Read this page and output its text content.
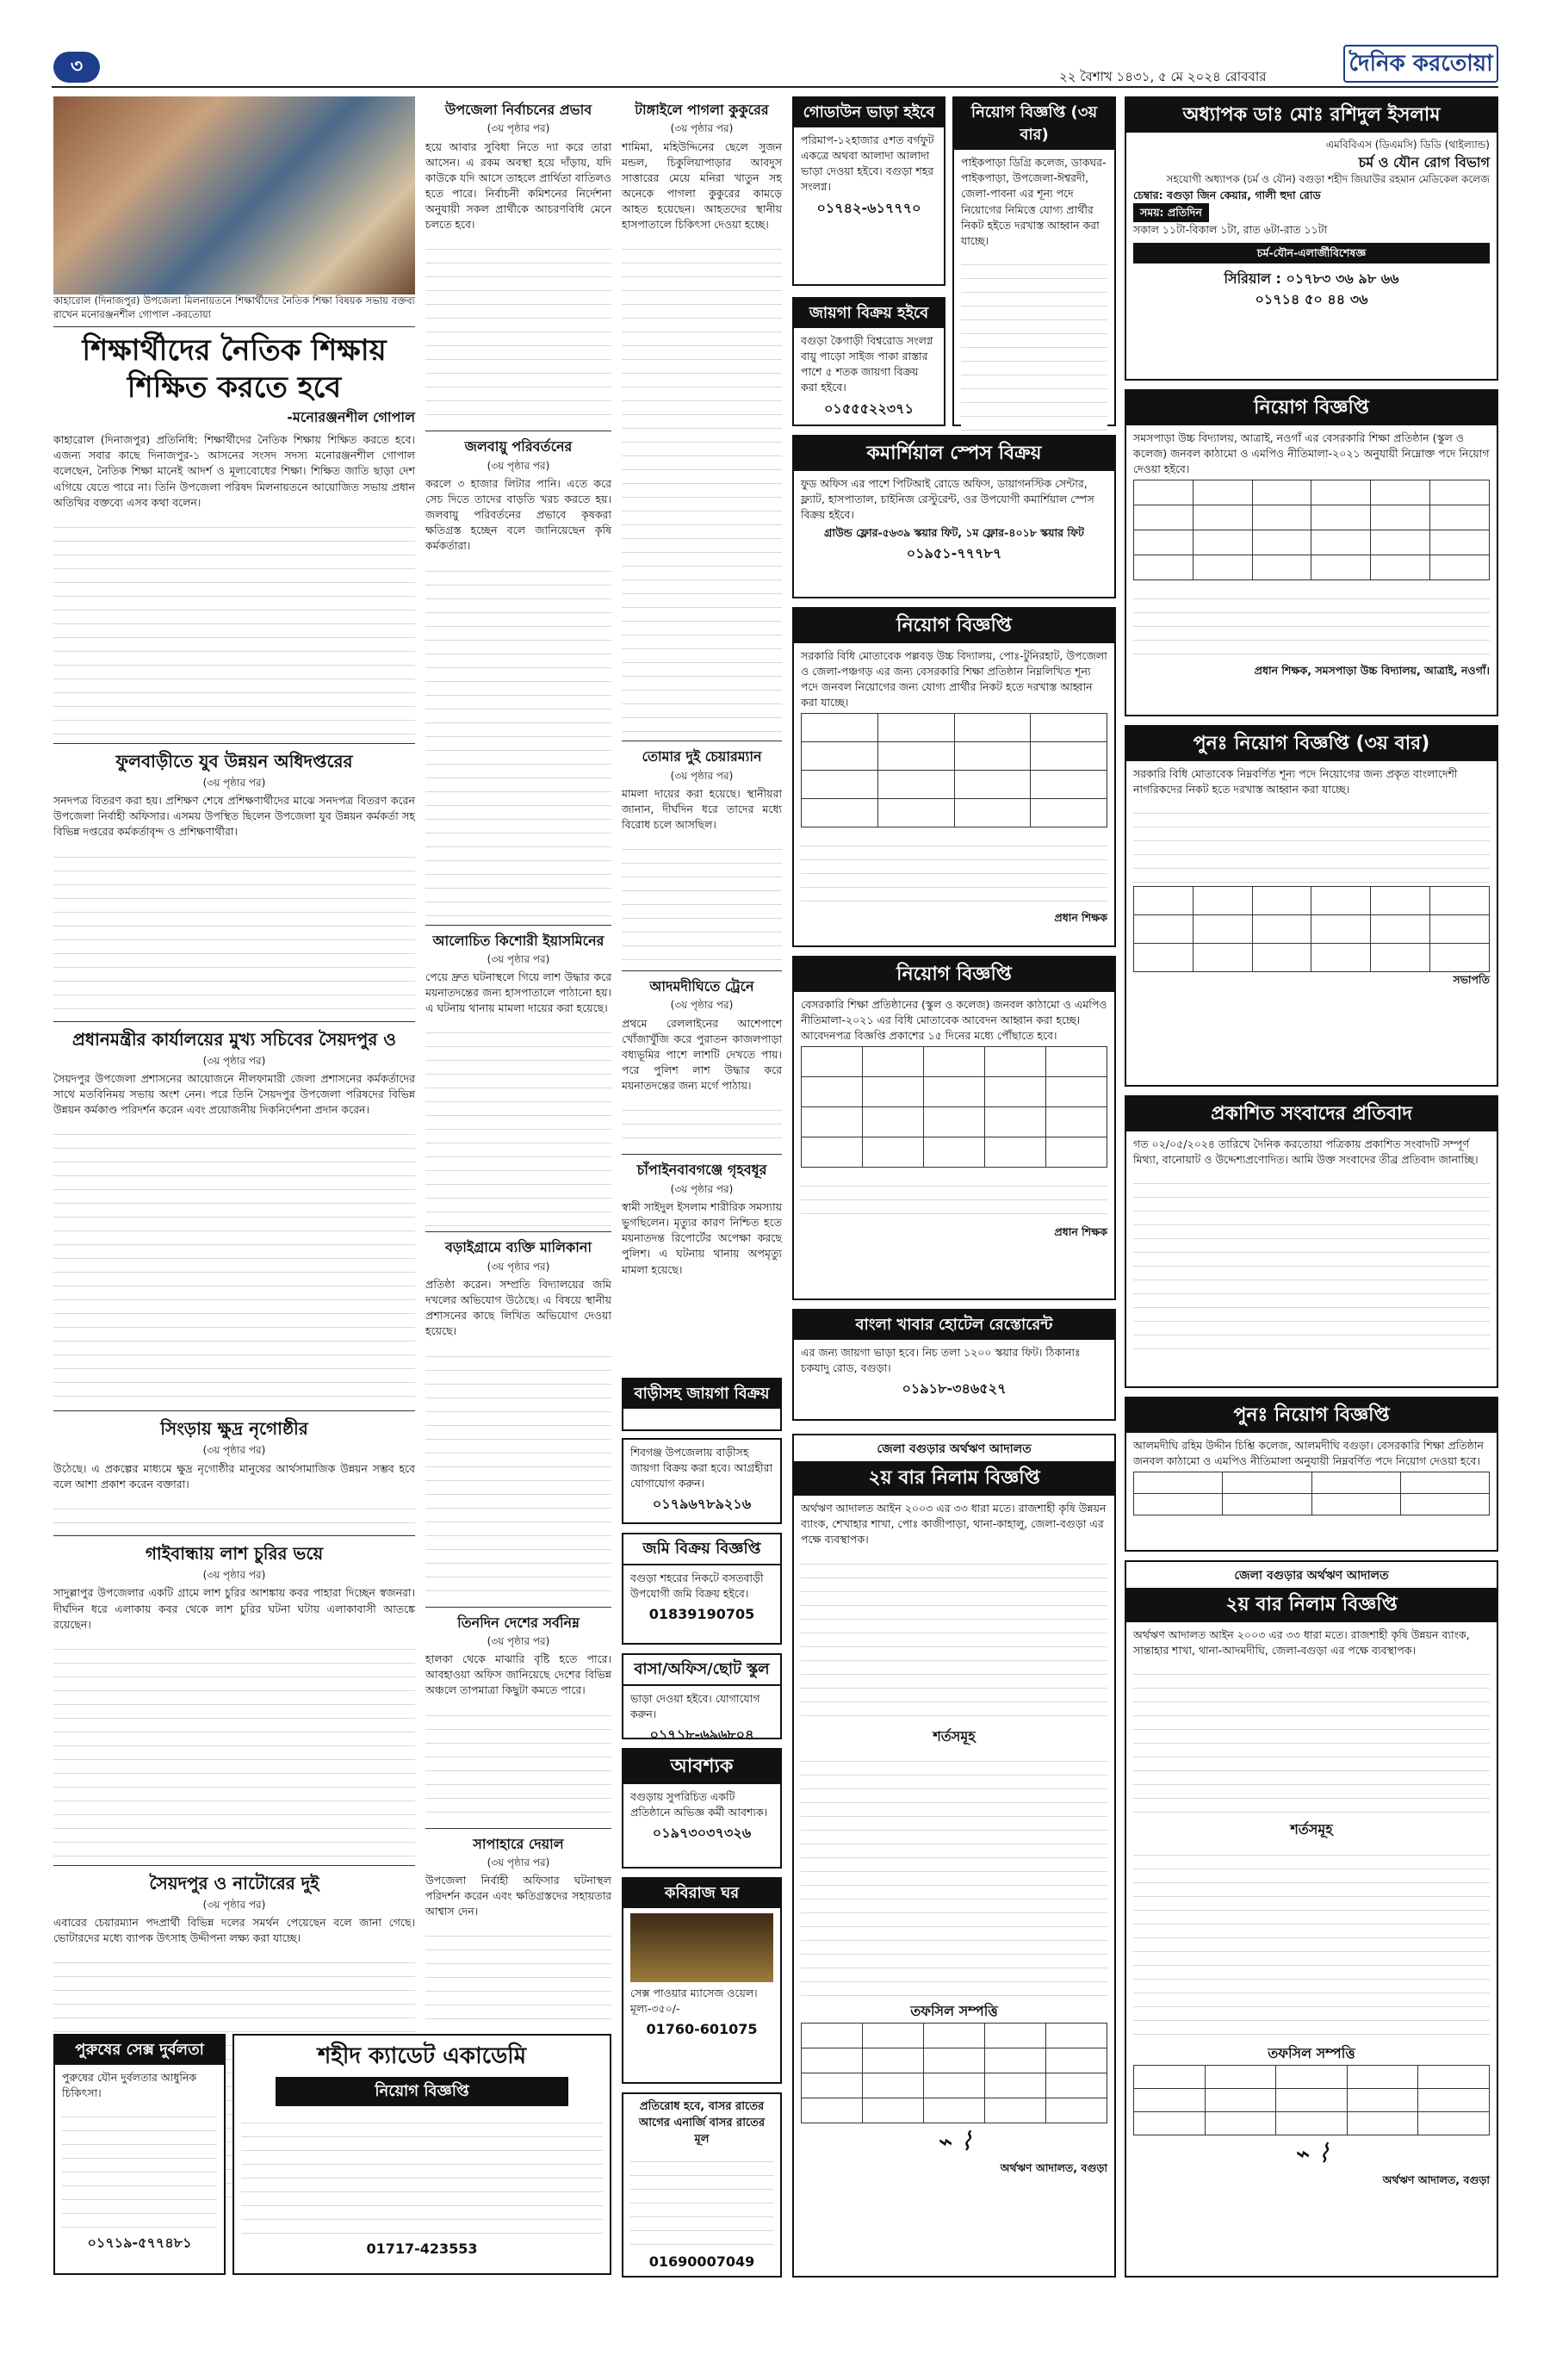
৩	২২ বৈশাখ ১৪৩১, ৫ মে ২০২৪ রোববার	দৈনিক করতোয়া
কাহারোল (দিনাজপুর) উপজেলা মিলনায়তনে শিক্ষার্থীদের নৈতিক শিক্ষা বিষয়ক সভায় বক্তব্য রাখেন মনোরঞ্জনশীল গোপাল -করতোয়া
শিক্ষার্থীদের নৈতিক শিক্ষায় শিক্ষিত করতে হবে
-মনোরঞ্জনশীল গোপাল

কাহারোল (দিনাজপুর) প্রতিনিধি: শিক্ষার্থীদের নৈতিক শিক্ষায় শিক্ষিত করতে হবে। এজন্য সবার কাছে দিনাজপুর-১ আসনের সংসদ সদস্য মনোরঞ্জনশীল গোপাল বলেছেন, নৈতিক শিক্ষা মানেই আদর্শ ও মূল্যবোধের শিক্ষা। শিক্ষিত জাতি ছাড়া দেশ এগিয়ে যেতে পারে না। তিনি উপজেলা পরিষদ মিলনায়তনে আয়োজিত সভায় প্রধান অতিথির বক্তব্যে এসব কথা বলেন।

ফুলবাড়ীতে যুব উন্নয়ন অধিদপ্তরের
(৩য় পৃষ্ঠার পর)

সনদপত্র বিতরণ করা হয়। প্রশিক্ষণ শেষে প্রশিক্ষণার্থীদের মাঝে সনদপত্র বিতরণ করেন উপজেলা নির্বাহী অফিসার। এসময় উপস্থিত ছিলেন উপজেলা যুব উন্নয়ন কর্মকর্তা সহ বিভিন্ন দপ্তরের কর্মকর্তাবৃন্দ ও প্রশিক্ষণার্থীরা।

প্রধানমন্ত্রীর কার্যালয়ের মুখ্য সচিবের সৈয়দপুর ও
(৩য় পৃষ্ঠার পর)

সৈয়দপুর উপজেলা প্রশাসনের আয়োজনে নীলফামারী জেলা প্রশাসনের কর্মকর্তাদের সাথে মতবিনিময় সভায় অংশ নেন। পরে তিনি সৈয়দপুর উপজেলা পরিষদের বিভিন্ন উন্নয়ন কর্মকাণ্ড পরিদর্শন করেন এবং প্রয়োজনীয় দিকনির্দেশনা প্রদান করেন।

সিংড়ায় ক্ষুদ্র নৃগোষ্ঠীর
(৩য় পৃষ্ঠার পর)

উঠেছে। এ প্রকল্পের মাধ্যমে ক্ষুদ্র নৃগোষ্ঠীর মানুষের আর্থসামাজিক উন্নয়ন সম্ভব হবে বলে আশা প্রকাশ করেন বক্তারা।

গাইবান্ধায় লাশ চুরির ভয়ে
(৩য় পৃষ্ঠার পর)

সাদুল্লাপুর উপজেলার একটি গ্রামে লাশ চুরির আশঙ্কায় কবর পাহারা দিচ্ছেন স্বজনরা। দীর্ঘদিন ধরে এলাকায় কবর থেকে লাশ চুরির ঘটনা ঘটায় এলাকাবাসী আতঙ্কে রয়েছেন।

সৈয়দপুর ও নাটোরের দুই
(৩য় পৃষ্ঠার পর)

এবারের চেয়ারম্যান পদপ্রার্থী বিভিন্ন দলের সমর্থন পেয়েছেন বলে জানা গেছে। ভোটারদের মধ্যে ব্যাপক উৎসাহ উদ্দীপনা লক্ষ্য করা যাচ্ছে।

উপজেলা নির্বাচনের প্রভাব
(৩য় পৃষ্ঠার পর)

হয়ে আবার সুবিধা নিতে দ্যা করে তারা আসেন। এ রকম অবস্থা হয়ে দাঁড়ায়, যদি কাউকে যদি আসে তাহলে প্রার্থিতা বাতিলও হতে পারে। নির্বাচনী কমিশনের নির্দেশনা অনুযায়ী সকল প্রার্থীকে আচরণবিধি মেনে চলতে হবে।

জলবায়ু পরিবর্তনের
(৩য় পৃষ্ঠার পর)

করলে ৩ হাজার লিটার পানি। এতে করে সেচ দিতে তাদের বাড়তি খরচ করতে হয়। জলবায়ু পরিবর্তনের প্রভাবে কৃষকরা ক্ষতিগ্রস্ত হচ্ছেন বলে জানিয়েছেন কৃষি কর্মকর্তারা।

আলোচিত কিশোরী ইয়াসমিনের
(৩য় পৃষ্ঠার পর)

পেয়ে দ্রুত ঘটনাস্থলে গিয়ে লাশ উদ্ধার করে ময়নাতদন্তের জন্য হাসপাতালে পাঠানো হয়। এ ঘটনায় থানায় মামলা দায়ের করা হয়েছে।

বড়াইগ্রামে ব্যক্তি মালিকানা
(৩য় পৃষ্ঠার পর)

প্রতিষ্ঠা করেন। সম্প্রতি বিদ্যালয়ের জমি দখলের অভিযোগ উঠেছে। এ বিষয়ে স্থানীয় প্রশাসনের কাছে লিখিত অভিযোগ দেওয়া হয়েছে।

তিনদিন দেশের সর্বনিম্ন
(৩য় পৃষ্ঠার পর)

হালকা থেকে মাঝারি বৃষ্টি হতে পারে। আবহাওয়া অফিস জানিয়েছে দেশের বিভিন্ন অঞ্চলে তাপমাত্রা কিছুটা কমতে পারে।

সাপাহারে দেয়াল
(৩য় পৃষ্ঠার পর)

উপজেলা নির্বাহী অফিসার ঘটনাস্থল পরিদর্শন করেন এবং ক্ষতিগ্রস্তদের সহায়তার আশ্বাস দেন।

টাঙ্গাইলে পাগলা কুকুরের
(৩য় পৃষ্ঠার পর)

শামিমা, মহিউদ্দিনের ছেলে সুজন মন্ডল, চিকুলিয়াপাড়ার আবদুস সাত্তারের মেয়ে মনিরা খাতুন সহ অনেকে পাগলা কুকুরের কামড়ে আহত হয়েছেন। আহতদের স্থানীয় হাসপাতালে চিকিৎসা দেওয়া হচ্ছে।

তোমার দুই চেয়ারম্যান
(৩য় পৃষ্ঠার পর)

মামলা দায়ের করা হয়েছে। স্থানীয়রা জানান, দীর্ঘদিন ধরে তাদের মধ্যে বিরোধ চলে আসছিল।

আদমদীঘিতে ট্রেনে
(৩য় পৃষ্ঠার পর)

প্রথমে রেললাইনের আশেপাশে খোঁজাখুঁজি করে পুরাতন কাজলপাড়া বধ্যভূমির পাশে লাশটি দেখতে পায়। পরে পুলিশ লাশ উদ্ধার করে ময়নাতদন্তের জন্য মর্গে পাঠায়।

চাঁপাইনবাবগঞ্জে গৃহবধূর
(৩য় পৃষ্ঠার পর)

স্বামী সাইদুল ইসলাম শারীরিক সমস্যায় ভুগছিলেন। মৃত্যুর কারণ নিশ্চিত হতে ময়নাতদন্ত রিপোর্টের অপেক্ষা করছে পুলিশ। এ ঘটনায় থানায় অপমৃত্যু মামলা হয়েছে।

বাড়ীসহ জায়গা বিক্রয়

শিবগঞ্জ উপজেলায় বাড়ীসহ জায়গা বিক্রয় করা হবে। আগ্রহীরা যোগাযোগ করুন।

০১৭৯৬৭৮৯২১৬
জমি বিক্রয় বিজ্ঞপ্তি

বগুড়া শহরের নিকটে বসতবাড়ী উপযোগী জমি বিক্রয় হইবে।

01839190705
বাসা/অফিস/ছোট স্কুল

ভাড়া দেওয়া হইবে। যোগাযোগ করুন।

০১৭১৮-৬৯৬৮০৪
আবশ্যক

বগুড়ায় সুপরিচিত একটি প্রতিষ্ঠানে অভিজ্ঞ কর্মী আবশ্যক।

০১৯৭৩০৩৭৩২৬
কবিরাজ ঘর

সেক্স পাওয়ার ম্যাসেজ ওয়েল। মূল্য-৩৫০/-

01760-601075
গোডাউন ভাড়া হইবে

পরিমাপ-১২হাজার ৫শত বর্গফুট একত্রে অথবা আলাদা আলাদা ভাড়া দেওয়া হইবে। বগুড়া শহর সংলগ্ন।

০১৭৪২-৬১৭৭৭০
জায়গা বিক্রয় হইবে

বগুড়া কৈগাড়ী বিশ্বরোড সংলগ্ন বায়ু পাড়ো সাইজ পাকা রাস্তার পাশে ৫ শতক জায়গা বিক্রয় করা হইবে।

০১৫৫৫২২৩৭১
নিয়োগ বিজ্ঞপ্তি (৩য় বার)

পাইকপাড়া ডিগ্রি কলেজ, ডাকঘর-পাইকপাড়া, উপজেলা-ঈশ্বরদী, জেলা-পাবনা এর শূন্য পদে নিয়োগের নিমিত্তে যোগ্য প্রার্থীর নিকট হইতে দরখাস্ত আহ্বান করা যাচ্ছে।

কমার্শিয়াল স্পেস বিক্রয়

ফুড অফিস এর পাশে পিটিআই রোডে অফিস, ডায়াগনস্টিক সেন্টার, ফ্ল্যাট, হাসপাতাল, চাইনিজ রেস্টুরেন্ট, ওর উপযোগী কমার্শিয়াল স্পেস বিক্রয় হইবে।

গ্রাউন্ড ফ্লোর-৫৬৩৯ স্কয়ার ফিট, ১ম ফ্লোর-৪০১৮ স্কয়ার ফিট

০১৯৫১-৭৭৭৮৭
নিয়োগ বিজ্ঞপ্তি

সরকারি বিধি মোতাবেক পল্লবড় উচ্চ বিদ্যালয়, পোঃ-টুনিরহাট, উপজেলা ও জেলা-পঞ্চগড় এর জন্য বেসরকারি শিক্ষা প্রতিষ্ঠান নিম্নলিখিত শূন্য পদে জনবল নিয়োগের জন্য যোগ্য প্রার্থীর নিকট হতে দরখাস্ত আহ্বান করা যাচ্ছে।

প্রধান শিক্ষক
নিয়োগ বিজ্ঞপ্তি

বেসরকারি শিক্ষা প্রতিষ্ঠানের (স্কুল ও কলেজ) জনবল কাঠামো ও এমপিও নীতিমালা-২০২১ এর বিধি মোতাবেক আবেদন আহ্বান করা হচ্ছে। আবেদনপত্র বিজ্ঞপ্তি প্রকাশের ১৫ দিনের মধ্যে পৌঁছাতে হবে।

প্রধান শিক্ষক
বাংলা খাবার হোটেল রেস্তোরেন্ট

এর জন্য জায়গা ভাড়া হবে। নিচ তলা ১২০০ স্কয়ার ফিট। ঠিকানাঃ চকযাদু রোড, বগুড়া।

০১৯১৮-৩৪৬৫২৭
জেলা বগুড়ার অর্থঋণ আদালত
২য় বার নিলাম বিজ্ঞপ্তি

অর্থঋণ আদালত আইন ২০০৩ এর ৩৩ ধারা মতে। রাজশাহী কৃষি উন্নয়ন ব্যাংক, শেখাহার শাখা, পোঃ কাজীপাড়া, থানা-কাহালু, জেলা-বগুড়া এর পক্ষে ব্যবস্থাপক।

শর্তসমূহ
তফসিল সম্পত্তি

⌁ ⌇
অর্থঋণ আদালত, বগুড়া
অধ্যাপক ডাঃ মোঃ রশিদুল ইসলাম
এমবিবিএস (ডিএমসি) ডিডি (থাইল্যান্ড)
চর্ম ও যৌন রোগ বিভাগ
সহযোগী অধ্যাপক (চর্ম ও যৌন) বগুড়া শহীদ জিয়াউর রহমান মেডিকেল কলেজ
চেম্বার: বগুড়া জিন কেয়ার, গালী হুদা রোড
সময়: প্রতিদিন
সকাল ১১টা-বিকাল ১টা, রাত ৬টা-রাত ১১টা
চর্ম-যৌন-এলার্জীবিশেষজ্ঞ
সিরিয়াল : ০১৭৮৩ ৩৬ ৯৮ ৬৬
০১৭১৪ ৫০ ৪৪ ৩৬
নিয়োগ বিজ্ঞপ্তি

সমসপাড়া উচ্চ বিদ্যালয়, আত্রাই, নওগাঁ এর বেসরকারি শিক্ষা প্রতিষ্ঠান (স্কুল ও কলেজ) জনবল কাঠামো ও এমপিও নীতিমালা-২০২১ অনুযায়ী নিম্নোক্ত পদে নিয়োগ দেওয়া হইবে।

প্রধান শিক্ষক, সমসপাড়া উচ্চ বিদ্যালয়, আত্রাই, নওগাঁ।
পুনঃ নিয়োগ বিজ্ঞপ্তি (৩য় বার)

সরকারি বিধি মোতাবেক নিম্নবর্ণিত শূন্য পদে নিয়োগের জন্য প্রকৃত বাংলাদেশী নাগরিকদের নিকট হতে দরখাস্ত আহ্বান করা যাচ্ছে।

সভাপতি
প্রকাশিত সংবাদের প্রতিবাদ

গত ০২/০৫/২০২৪ তারিখে দৈনিক করতোয়া পত্রিকায় প্রকাশিত সংবাদটি সম্পূর্ণ মিথ্যা, বানোয়াট ও উদ্দেশ্যপ্রণোদিত। আমি উক্ত সংবাদের তীব্র প্রতিবাদ জানাচ্ছি।

পুনঃ নিয়োগ বিজ্ঞপ্তি

আলমদীঘি রহিম উদ্দীন চিশ্তি কলেজ, আলমদীঘি বগুড়া। বেসরকারি শিক্ষা প্রতিষ্ঠান জনবল কাঠামো ও এমপিও নীতিমালা অনুযায়ী নিম্নবর্ণিত পদে নিয়োগ দেওয়া হবে।

জেলা বগুড়ার অর্থঋণ আদালত
২য় বার নিলাম বিজ্ঞপ্তি

অর্থঋণ আদালত আইন ২০০৩ এর ৩৩ ধারা মতে। রাজশাহী কৃষি উন্নয়ন ব্যাংক, সান্তাহার শাখা, থানা-আদমদীঘি, জেলা-বগুড়া এর পক্ষে ব্যবস্থাপক।

শর্তসমূহ
তফসিল সম্পত্তি

⌁ ⌇
অর্থঋণ আদালত, বগুড়া
পুরুষের সেক্স দুর্বলতা

পুরুষের যৌন দুর্বলতার আধুনিক চিকিৎসা।

০১৭১৯-৫৭৭৪৮১
শহীদ ক্যাডেট একাডেমি
নিয়োগ বিজ্ঞপ্তি
01717-423553
প্রতিরোধ হবে, বাসর রাতের আগের এনার্জি বাসর রাতের মূল
01690007049
